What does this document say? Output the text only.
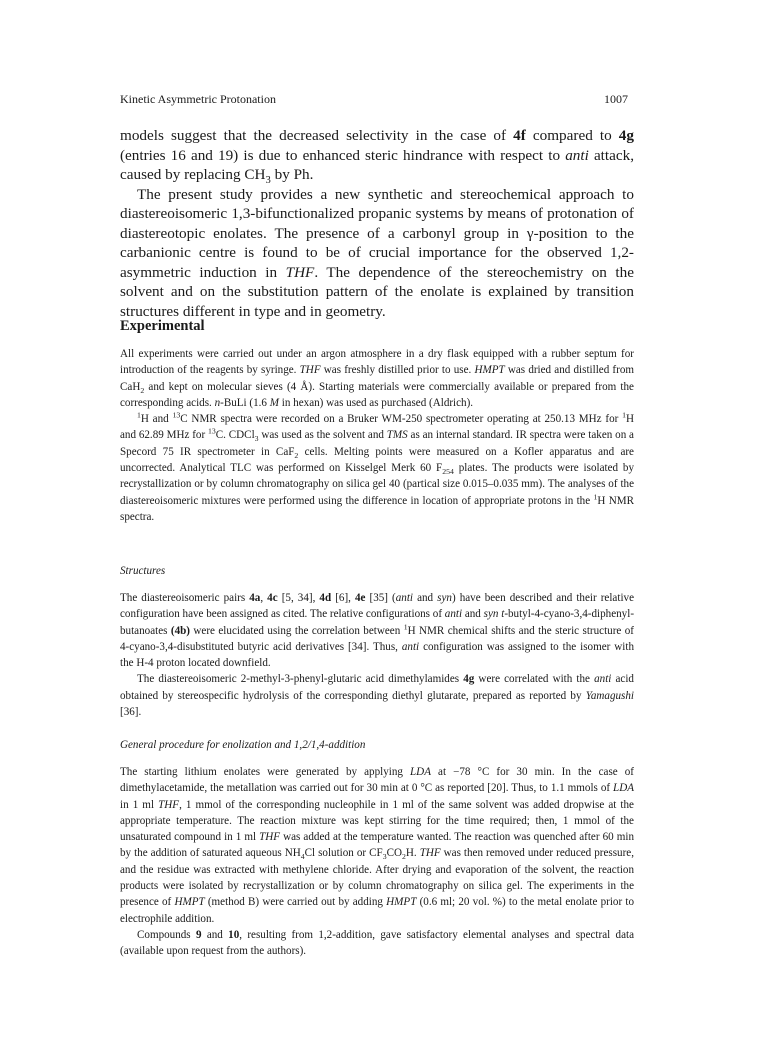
Kinetic Asymmetric Protonation	1007

models suggest that the decreased selectivity in the case of 4f compared to 4g (entries 16 and 19) is due to enhanced steric hindrance with respect to anti attack, caused by replacing $CH_3$ by Ph.

The present study provides a new synthetic and stereochemical approach to diastereoisomeric 1,3-bifunctionalized propanic systems by means of protonation of diastereotopic enolates. The presence of a carbonyl group in γ-position to the carbanionic centre is found to be of crucial importance for the observed 1,2-asymmetric induction in THF. The dependence of the stereochemistry on the solvent and on the substitution pattern of the enolate is explained by transition structures different in type and in geometry.

Experimental

All experiments were carried out under an argon atmosphere in a dry flask equipped with a rubber septum for introduction of the reagents by syringe. THF was freshly distilled prior to use. HMPT was dried and distilled from CaH$_2$ and kept on molecular sieves (4 Å). Starting materials were commercially available or prepared from the corresponding acids. n-BuLi (1.6 M in hexan) was used as purchased (Aldrich).

$^1$H and $^{13}$C NMR spectra were recorded on a Bruker WM-250 spectrometer operating at 250.13 MHz for $^1$H and 62.89 MHz for $^{13}$C. CDCl$_3$ was used as the solvent and TMS as an internal standard. IR spectra were taken on a Specord 75 IR spectrometer in CaF$_2$ cells. Melting points were measured on a Kofler apparatus and are uncorrected. Analytical TLC was performed on Kisselgel Merk 60 $F_{254}$ plates. The products were isolated by recrystallization or by column chromatography on silica gel 40 (partical size 0.015–0.035 mm). The analyses of the diastereoisomeric mixtures were performed using the difference in location of appropriate protons in the $^1$H NMR spectra.

Structures

The diastereoisomeric pairs 4a, 4c [5, 34], 4d [6], 4e [35] (anti and syn) have been described and their relative configuration have been assigned as cited. The relative configurations of anti and syn t-butyl-4-cyano-3,4-diphenyl-butanoates (4b) were elucidated using the correlation between $^1$H NMR chemical shifts and the steric structure of 4-cyano-3,4-disubstituted butyric acid derivatives [34]. Thus, anti configuration was assigned to the isomer with the H-4 proton located downfield.

The diastereoisomeric 2-methyl-3-phenyl-glutaric acid dimethylamides 4g were correlated with the anti acid obtained by stereospecific hydrolysis of the corresponding diethyl glutarate, prepared as reported by Yamagushi [36].

General procedure for enolization and 1,2/1,4-addition

The starting lithium enolates were generated by applying LDA at −78 °C for 30 min. In the case of dimethylacetamide, the metallation was carried out for 30 min at 0 °C as reported [20]. Thus, to 1.1 mmols of LDA in 1 ml THF, 1 mmol of the corresponding nucleophile in 1 ml of the same solvent was added dropwise at the appropriate temperature. The reaction mixture was kept stirring for the time required; then, 1 mmol of the unsaturated compound in 1 ml THF was added at the temperature wanted. The reaction was quenched after 60 min by the addition of saturated aqueous $NH_4Cl$ solution or $CF_3CO_2H$. THF was then removed under reduced pressure, and the residue was extracted with methylene chloride. After drying and evaporation of the solvent, the reaction products were isolated by recrystallization or by column chromatography on silica gel. The experiments in the presence of HMPT (method B) were carried out by adding HMPT (0.6 ml; 20 vol. %) to the metal enolate prior to electrophile addition.

Compounds 9 and 10, resulting from 1,2-addition, gave satisfactory elemental analyses and spectral data (available upon request from the authors).
